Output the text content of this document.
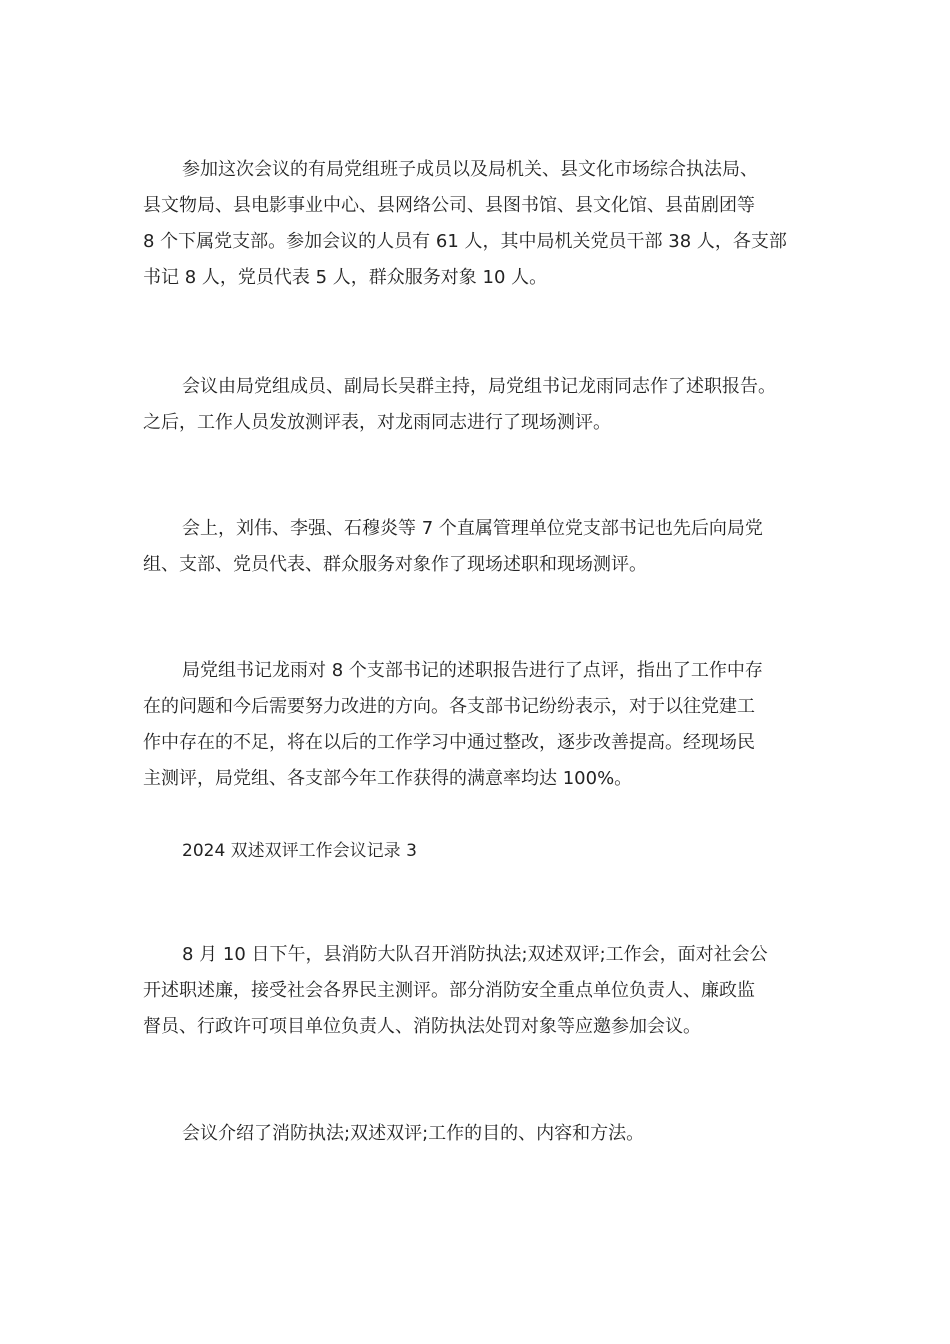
参加这次会议的有局党组班子成员以及局机关、县文化市场综合执法局、
县文物局、县电影事业中心、县网络公司、县图书馆、县文化馆、县苗剧团等
8 个下属党支部。参加会议的人员有 61 人，其中局机关党员干部 38 人，各支部
书记 8 人，党员代表 5 人，群众服务对象 10 人。

会议由局党组成员、副局长吴群主持，局党组书记龙雨同志作了述职报告。
之后，工作人员发放测评表，对龙雨同志进行了现场测评。

会上，刘伟、李强、石穆炎等 7 个直属管理单位党支部书记也先后向局党
组、支部、党员代表、群众服务对象作了现场述职和现场测评。

局党组书记龙雨对 8 个支部书记的述职报告进行了点评，指出了工作中存
在的问题和今后需要努力改进的方向。各支部书记纷纷表示，对于以往党建工
作中存在的不足，将在以后的工作学习中通过整改，逐步改善提高。经现场民
主测评，局党组、各支部今年工作获得的满意率均达 100%。

2024 双述双评工作会议记录 3

8 月 10 日下午，县消防大队召开消防执法;双述双评;工作会，面对社会公
开述职述廉，接受社会各界民主测评。部分消防安全重点单位负责人、廉政监
督员、行政许可项目单位负责人、消防执法处罚对象等应邀参加会议。

会议介绍了消防执法;双述双评;工作的目的、内容和方法。
